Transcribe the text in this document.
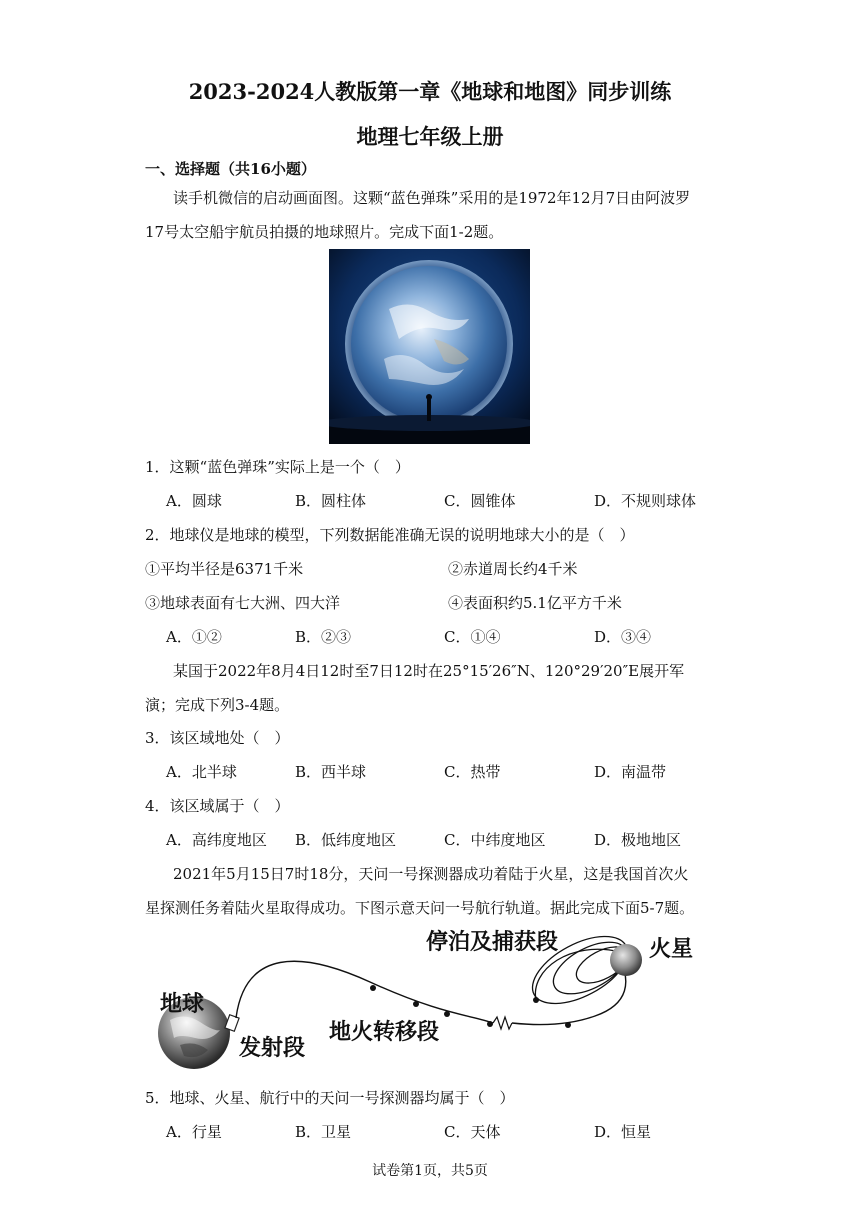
2023-2024人教版第一章《地球和地图》同步训练
地理七年级上册
一、选择题（共16小题）
读手机微信的启动画面图。这颗“蓝色弹珠”采用的是1972年12月7日由阿波罗
17号太空船宇航员拍摄的地球照片。完成下面1-2题。
1．这颗“蓝色弹珠”实际上是一个（　）
A．圆球	B．圆柱体	C．圆锥体	D．不规则球体
2．地球仪是地球的模型，下列数据能准确无误的说明地球大小的是（　）
①平均半径是6371千米	②赤道周长约4千米
③地球表面有七大洲、四大洋	④表面积约5.1亿平方千米
A．①②	B．②③	C．①④	D．③④
某国于2022年8月4日12时至7日12时在25°15′26″N、120°29′20″E展开军
演；完成下列3-4题。
3．该区域地处（　）
A．北半球	B．西半球	C．热带	D．南温带
4．该区域属于（　）
A．高纬度地区 B．低纬度地区	C．中纬度地区	D．极地地区
2021年5月15日7时18分，天问一号探测器成功着陆于火星，这是我国首次火
星探测任务着陆火星取得成功。下图示意天问一号航行轨道。据此完成下面5-7题。
地球
火星
发射段
地火转移段
停泊及捕获段
5．地球、火星、航行中的天问一号探测器均属于（　）
A．行星	B．卫星	C．天体	D．恒星
试卷第1页，共5页
